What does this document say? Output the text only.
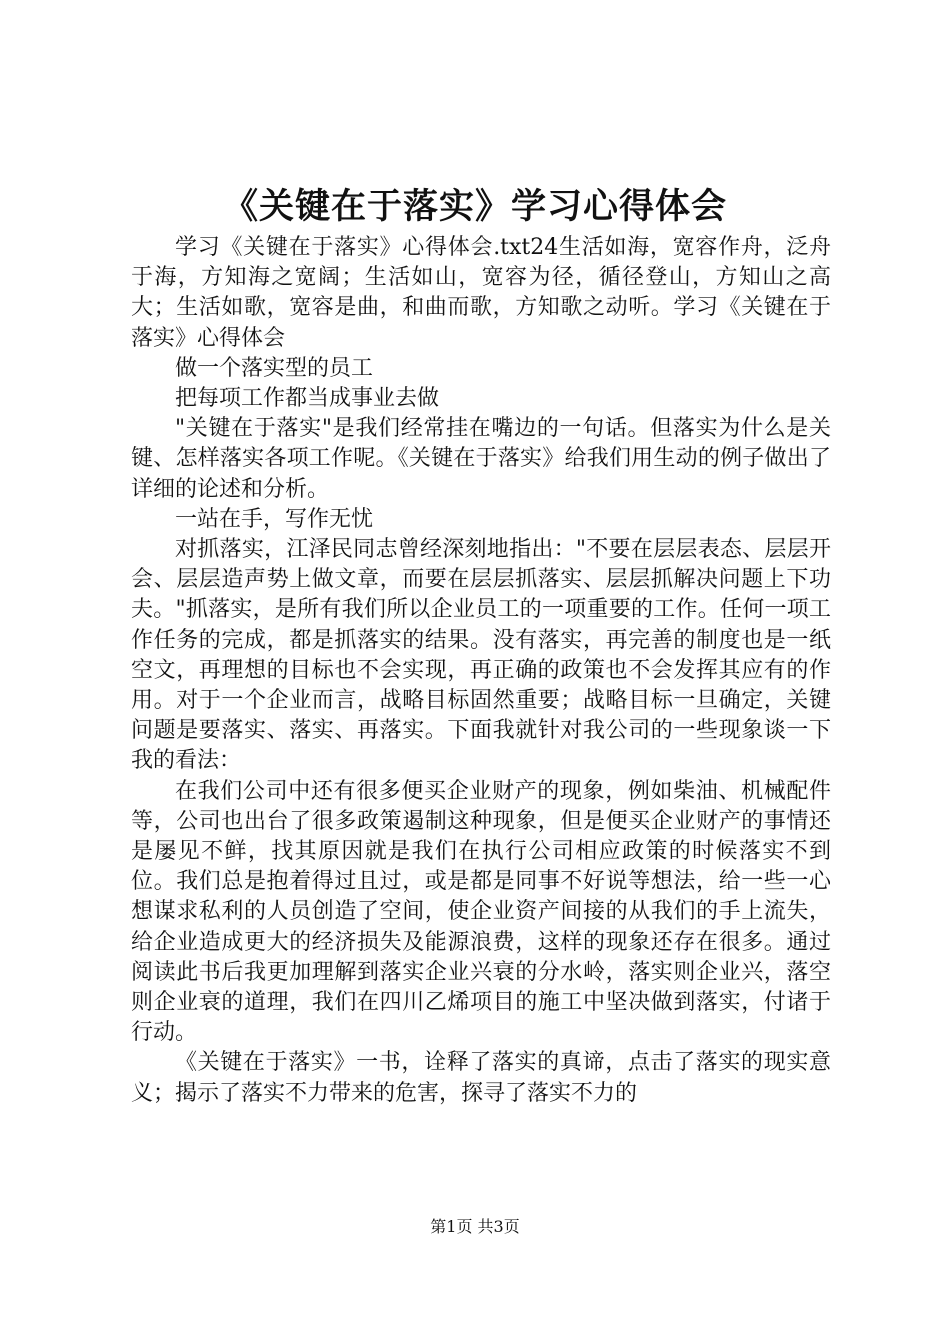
《关键在于落实》学习心得体会

学习《关键在于落实》心得体会.txt24生活如海，宽容作舟，泛舟于海，方知海之宽阔；生活如山，宽容为径，循径登山，方知山之高大；生活如歌，宽容是曲，和曲而歌，方知歌之动听。学习《关键在于落实》心得体会

做一个落实型的员工

把每项工作都当成事业去做

"关键在于落实"是我们经常挂在嘴边的一句话。但落实为什么是关键、怎样落实各项工作呢。《关键在于落实》给我们用生动的例子做出了详细的论述和分析。

一站在手，写作无忧

对抓落实，江泽民同志曾经深刻地指出："不要在层层表态、层层开会、层层造声势上做文章，而要在层层抓落实、层层抓解决问题上下功夫。"抓落实，是所有我们所以企业员工的一项重要的工作。任何一项工作任务的完成，都是抓落实的结果。没有落实，再完善的制度也是一纸空文，再理想的目标也不会实现，再正确的政策也不会发挥其应有的作用。对于一个企业而言，战略目标固然重要；战略目标一旦确定，关键问题是要落实、落实、再落实。下面我就针对我公司的一些现象谈一下我的看法：

在我们公司中还有很多便买企业财产的现象，例如柴油、机械配件等，公司也出台了很多政策遏制这种现象，但是便买企业财产的事情还是屡见不鲜，找其原因就是我们在执行公司相应政策的时候落实不到位。我们总是抱着得过且过，或是都是同事不好说等想法，给一些一心想谋求私利的人员创造了空间，使企业资产间接的从我们的手上流失，给企业造成更大的经济损失及能源浪费，这样的现象还存在很多。通过阅读此书后我更加理解到落实企业兴衰的分水岭，落实则企业兴，落空则企业衰的道理，我们在四川乙烯项目的施工中坚决做到落实，付诸于行动。

《关键在于落实》一书，诠释了落实的真谛，点击了落实的现实意义；揭示了落实不力带来的危害，探寻了落实不力的

第1页 共3页
